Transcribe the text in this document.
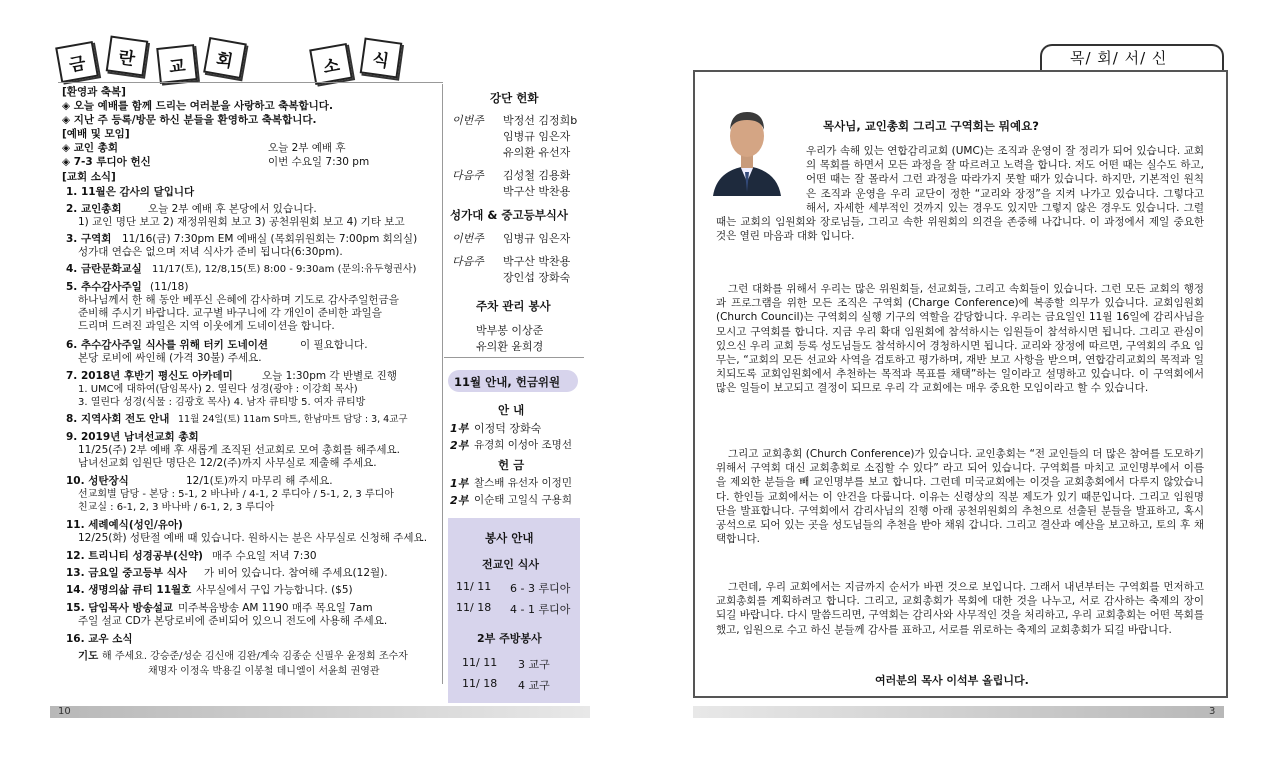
금 란 교 회	소 식
[환영과 축복]
◈ 오늘 예배를 함께 드리는 여러분을 사랑하고 축복합니다.
◈ 지난 주 등록/방문 하신 분들을 환영하고 축복합니다.
[예배 및 모임]
◈ 교인 총회	오늘 2부 예배 후
◈ 7-3 루디아 헌신	이번 수요일 7:30 pm
[교회 소식]
1. 11월은 감사의 달입니다
2. 교인총회	오늘 2부 예배 후 본당에서 있습니다.
1) 교인 명단 보고 2) 재정위원회 보고 3) 공천위원회 보고 4) 기타 보고
3. 구역회 11/16(금) 7:30pm EM 예배실 (목회위원회는 7:00pm 회의실)
성가대 연습은 없으며 저녁 식사가 준비 됩니다(6:30pm).
4. 금란문화교실 11/17(토), 12/8,15(토) 8:00 - 9:30am (문의:유두형권사)
5. 추수감사주일 (11/18)
하나님께서 한 해 동안 베푸신 은혜에 감사하며 기도로 감사주일헌금을
준비해 주시기 바랍니다. 교구별 바구니에 각 개인이 준비한 과일을
드리며 드려진 과일은 지역 이웃에게 도네이션을 합니다.
6. 추수감사주일 식사를 위해 터키 도네이션	이 필요합니다.
본당 로비에 싸인해 (가격 30불) 주세요.
7. 2018년 후반기 평신도 아카데미	오늘 1:30pm 각 반별로 진행
1. UMC에 대하여(담임목사) 2. 열린다 성경(광야 : 이강희 목사)
3. 열린다 성경(식물 : 김광호 목사) 4. 남자 큐티방 5. 여자 큐티방
8. 지역사회 전도 안내 11월 24일(토) 11am S마트, 한남마트 담당 : 3, 4교구
9. 2019년 남녀선교회 총회
11/25(주) 2부 예배 후 새롭게 조직된 선교회로 모여 총회를 해주세요.
남녀선교회 임원단 명단은 12/2(주)까지 사무실로 제출해 주세요.
10. 성탄장식	12/1(토)까지 마무리 해 주세요.
선교회별 담당 - 본당 : 5-1, 2 바나바 / 4-1, 2 루디아 / 5-1, 2, 3 루디아
친교실 : 6-1, 2, 3 바나바 / 6-1, 2, 3 루디아
11. 세례예식(성인/유아)
12/25(화) 성탄절 예배 때 있습니다. 원하시는 분은 사무실로 신청해 주세요.
12. 트리니티 성경공부(신약) 매주 수요일 저녁 7:30
13. 금요일 중고등부 식사 가 비어 있습니다. 참여해 주세요(12월).
14. 생명의삶 큐티 11월호 사무실에서 구입 가능합니다. ($5)
15. 담임목사 방송설교 미주복음방송 AM 1190 매주 목요일 7am
주일 설교 CD가 본당로비에 준비되어 있으니 전도에 사용해 주세요.
16. 교우 소식
기도 해 주세요. 강승준/성순 김신애 김완/계숙 김종순 신필우 윤정희 조수자
채명자 이정옥 박용길 이봉철 데니엘이 서윤희 권영관
10
강단 헌화
이번주 박정선 김정희b
임병규 임은자
유의환 유선자
다음주 김성철 김용화
박구산 박찬용
성가대 & 중고등부식사
이번주 임병규 임은자
다음주 박구산 박찬용
장인섭 장화숙
주차 관리 봉사
박부봉 이상준
유의환 윤희경
11월 안내, 헌금위원
안 내
1부 이정덕 장화숙
2부 유경희 이성아 조명선
헌 금
1부 찰스배 유선자 이정민
2부 이순태 고일식 구용희
봉사 안내
전교인 식사
11/ 11 6 - 3 루디아
11/ 18 4 - 1 루디아
2부 주방봉사
11/ 11 3 교구
11/ 18 4 교구
목/ 회/ 서/ 신
목사님, 교인총회 그리고 구역회는 뭐예요?
우리가 속해 있는 연합감리교회 (UMC)는 조직과 운영이 잘 정리가 되어 있습니다. 교회의 목회를 하면서 모든 과정을 잘 따르려고 노력을 합니다. 저도 어떤 때는 실수도 하고, 어떤 때는 잘 몰라서 그런 과정을 따라가지 못할 때가 있습니다. 하지만, 기본적인 원칙은 조직과 운영을 우리 교단이 정한 “교리와 장정”을 지켜 나가고 있습니다. 그렇다고 해서, 자세한 세부적인 것까지 있는 경우도 있지만 그렇지 않은 경우도 있습니다. 그럴때는 교회의 임원회와 장로님들, 그리고 속한 위원회의 의견을 존중해 나갑니다. 이 과정에서 제일 중요한 것은 열린 마음과 대화 입니다.
그런 대화를 위해서 우리는 많은 위원회들, 선교회들, 그리고 속회들이 있습니다. 그런 모든 교회의 행정과 프로그램을 위한 모든 조직은 구역회 (Charge Conference)에 복종할 의무가 있습니다. 교회임원회 (Church Council)는 구역회의 실행 기구의 역할을 감당합니다. 우리는 금요일인 11월 16일에 감리사님을 모시고 구역회를 합니다. 지금 우리 확대 임원회에 참석하시는 임원들이 참석하시면 됩니다. 그리고 관심이 있으신 우리 교회 등록 성도님들도 참석하시어 경청하시면 됩니다. 교리와 장정에 따르면, 구역회의 주요 임무는, “교회의 모든 선교와 사역을 검토하고 평가하며, 재반 보고 사항을 받으며, 연합감리교회의 목적과 일치되도록 교회임원회에서 추천하는 목적과 목표를 채택”하는 일이라고 설명하고 있습니다. 이 구역회에서 많은 일들이 보고되고 결정이 되므로 우리 각 교회에는 매우 중요한 모임이라고 할 수 있습니다.
그리고 교회총회 (Church Conference)가 있습니다. 교인총회는 “전 교인들의 더 많은 참여를 도모하기 위해서 구역회 대신 교회총회로 소집할 수 있다” 라고 되어 있습니다. 구역회를 마치고 교인명부에서 이름을 제외한 분들을 빼 교인명부를 보고 합니다. 그런데 미국교회에는 이것을 교회총회에서 다루지 않았습니다. 한인들 교회에서는 이 안건을 다룹니다. 이유는 신령상의 직분 제도가 있기 때문입니다. 그리고 임원명단을 발표합니다. 구역회에서 감리사님의 진행 아래 공천위원회의 추천으로 선출된 분들을 발표하고, 혹시 공석으로 되어 있는 곳을 성도님들의 추천을 받아 채워 갑니다. 그리고 결산과 예산을 보고하고, 토의 후 채택합니다.
그런데, 우리 교회에서는 지금까지 순서가 바뀐 것으로 보입니다. 그래서 내년부터는 구역회를 먼저하고 교회총회를 계획하려고 합니다. 그리고, 교회총회가 목회에 대한 것을 나누고, 서로 감사하는 축제의 장이 되길 바랍니다. 다시 말씀드리면, 구역회는 감리사와 사무적인 것을 처리하고, 우리 교회총회는 어떤 목회를 했고, 임원으로 수고 하신 분들께 감사를 표하고, 서로를 위로하는 축제의 교회총회가 되길 바랍니다.
여러분의 목사 이석부 올립니다.
3
